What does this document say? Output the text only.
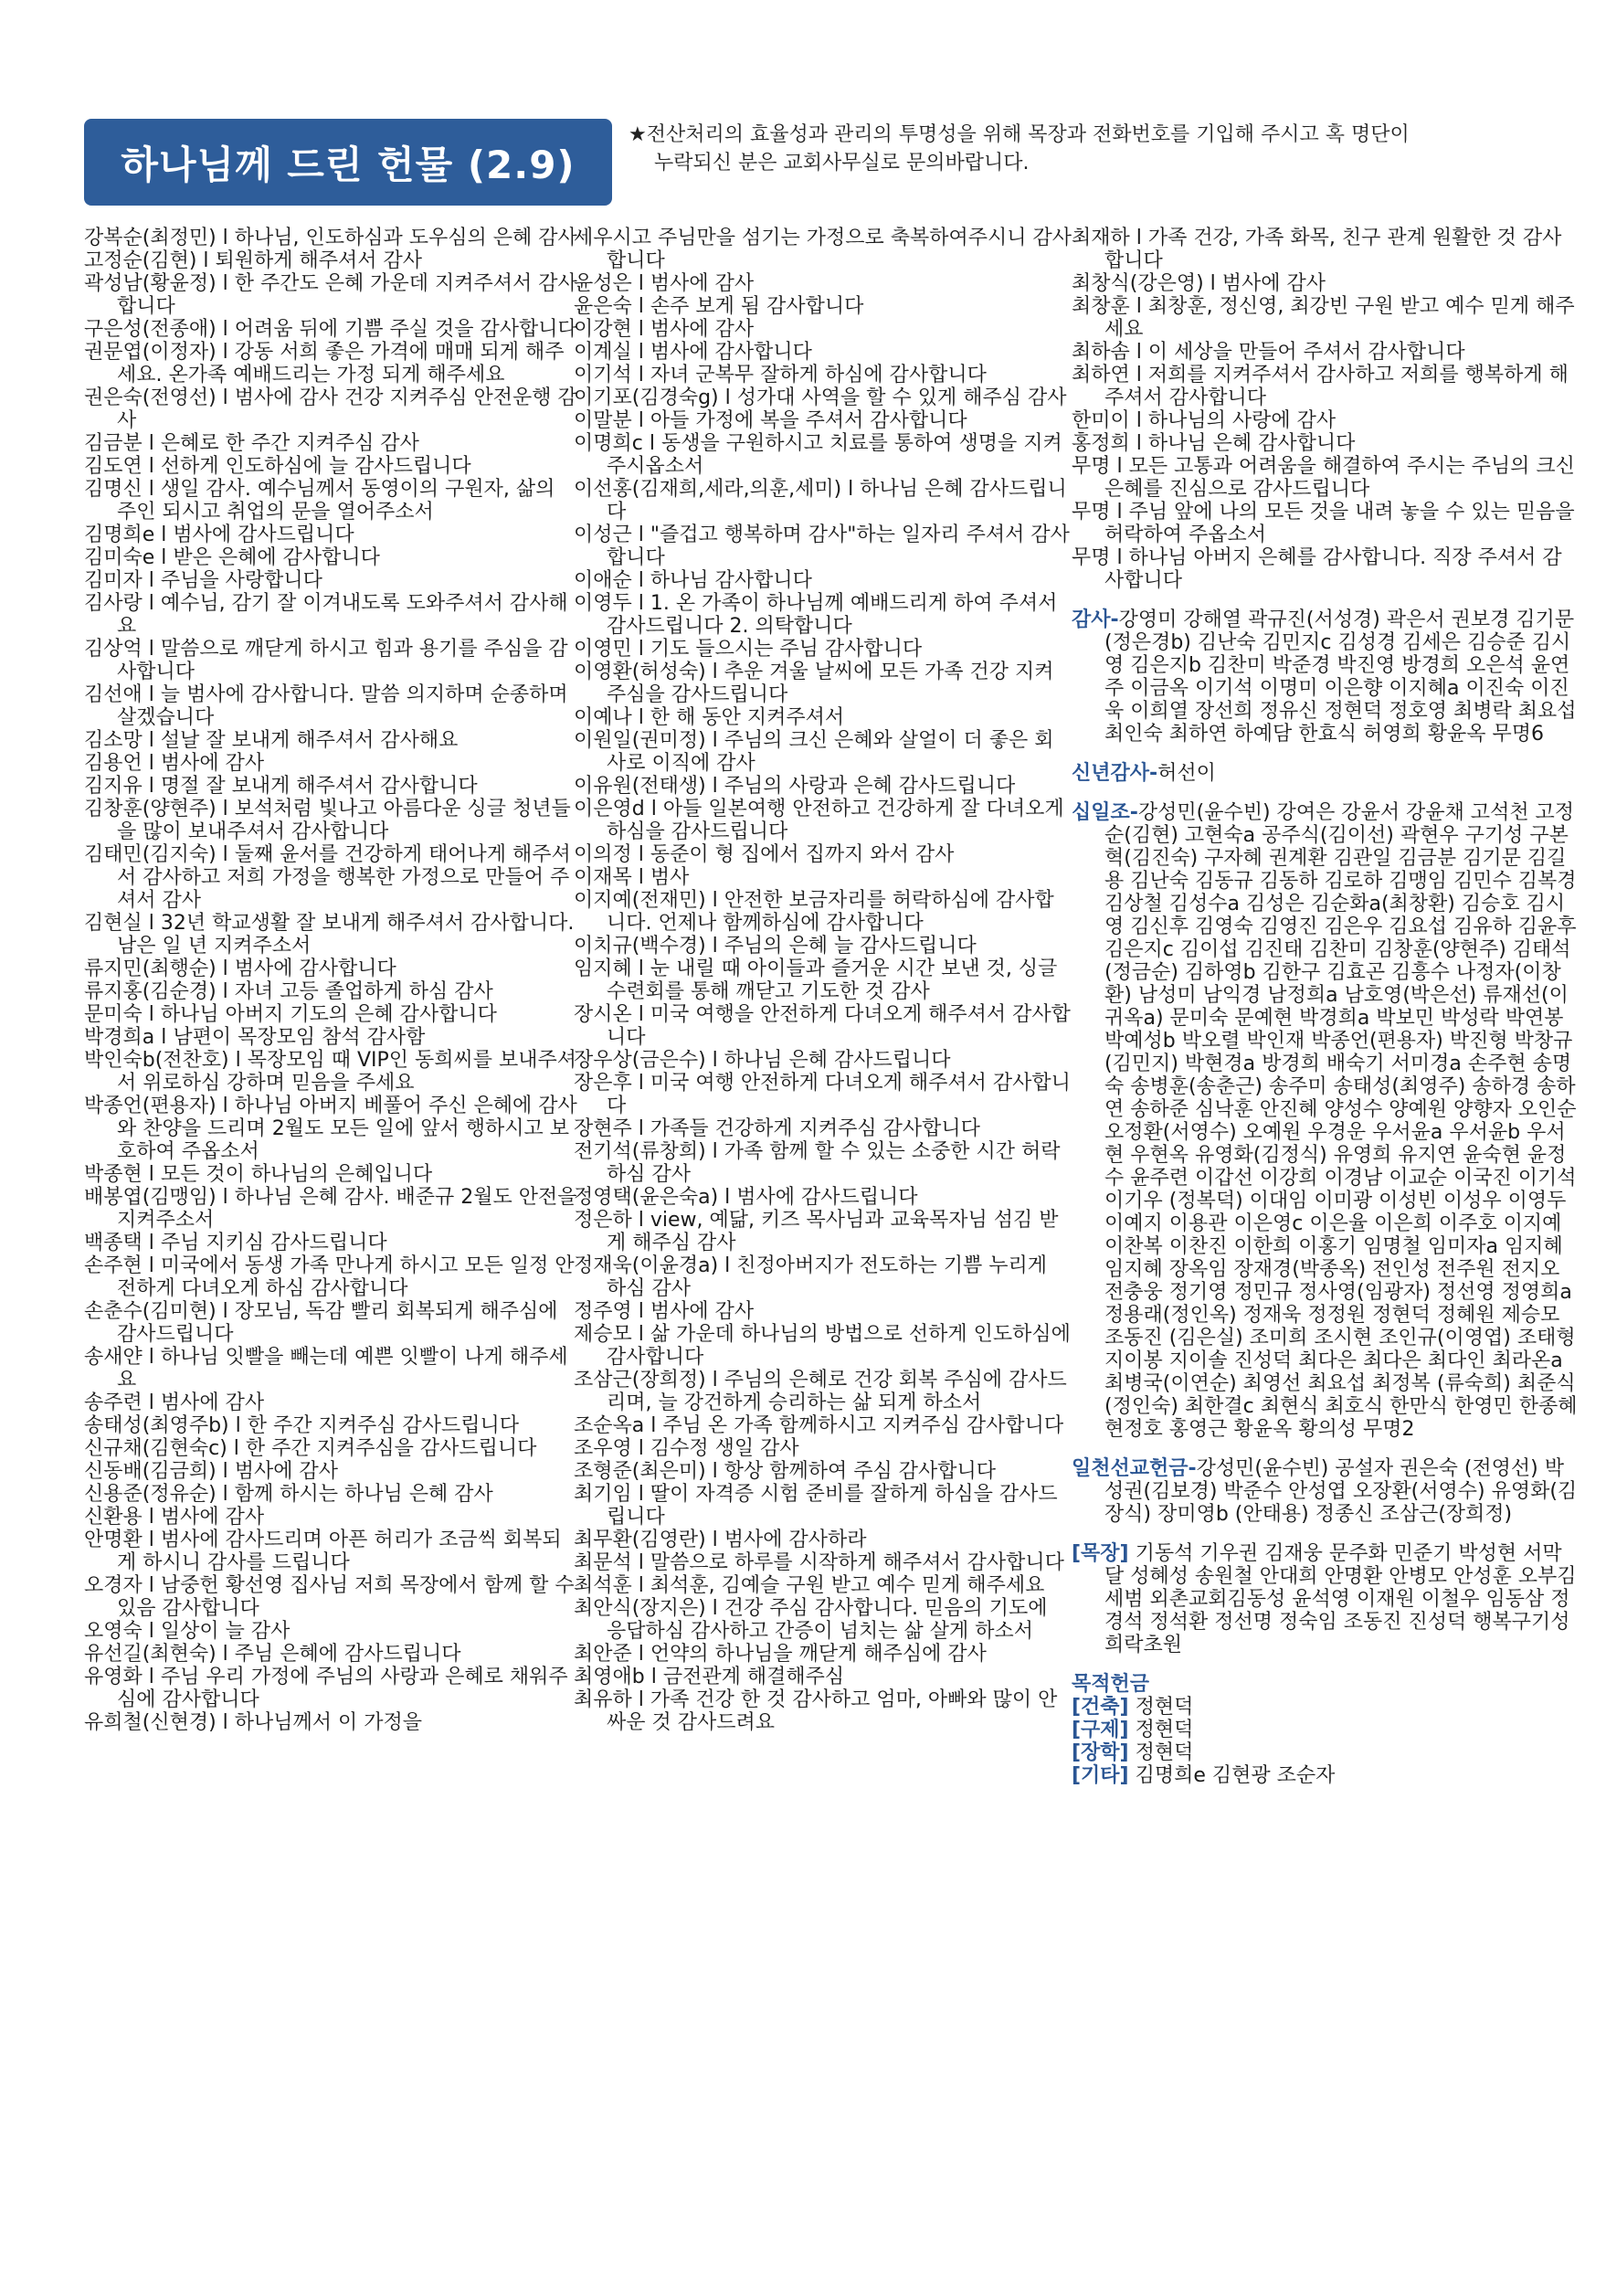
하나님께 드린 헌물 (2.9)
★전산처리의 효율성과 관리의 투명성을 위해 목장과 전화번호를 기입해 주시고 혹 명단이
누락되신 분은 교회사무실로 문의바랍니다.

강복순(최정민) l 하나님, 인도하심과 도우심의 은혜 감사

고정순(김현) l 퇴원하게 해주셔서 감사

곽성남(황윤정) l 한 주간도 은혜 가운데 지켜주셔서 감사합니다

구은성(전종애) l 어려움 뒤에 기쁨 주실 것을 감사합니다

권문엽(이정자) l 강동 서희 좋은 가격에 매매 되게 해주세요. 온가족 예배드리는 가정 되게 해주세요

권은숙(전영선) l 범사에 감사 건강 지켜주심 안전운행 감사

김금분 l 은혜로 한 주간 지켜주심 감사

김도연 l 선하게 인도하심에 늘 감사드립니다

김명신 l 생일 감사. 예수님께서 동영이의 구원자, 삶의 주인 되시고 취업의 문을 열어주소서

김명희e l 범사에 감사드립니다

김미숙e l 받은 은혜에 감사합니다

김미자 l 주님을 사랑합니다

김사랑 l 예수님, 감기 잘 이겨내도록 도와주셔서 감사해요

김상억 l 말씀으로 깨닫게 하시고 힘과 용기를 주심을 감사합니다

김선애 l 늘 범사에 감사합니다. 말씀 의지하며 순종하며 살겠습니다

김소망 l 설날 잘 보내게 해주셔서 감사해요

김용언 l 범사에 감사

김지유 l 명절 잘 보내게 해주셔서 감사합니다

김창훈(양현주) l 보석처럼 빛나고 아름다운 싱글 청년들을 많이 보내주셔서 감사합니다

김태민(김지숙) l 둘째 윤서를 건강하게 태어나게 해주셔서 감사하고 저희 가정을 행복한 가정으로 만들어 주셔서 감사

김현실 l 32년 학교생활 잘 보내게 해주셔서 감사합니다. 남은 일 년 지켜주소서

류지민(최행순) l 범사에 감사합니다

류지홍(김순경) l 자녀 고등 졸업하게 하심 감사

문미숙 l 하나님 아버지 기도의 은혜 감사합니다

박경희a l 남편이 목장모임 참석 감사함

박인숙b(전찬호) l 목장모임 때 VIP인 동희씨를 보내주셔서 위로하심 강하며 믿음을 주세요

박종언(편용자) l 하나님 아버지 베풀어 주신 은혜에 감사와 찬양을 드리며 2월도 모든 일에 앞서 행하시고 보호하여 주옵소서

박종현 l 모든 것이 하나님의 은혜입니다

배봉엽(김맹임) l 하나님 은혜 감사. 배준규 2월도 안전을 지켜주소서

백종택 l 주님 지키심 감사드립니다

손주현 l 미국에서 동생 가족 만나게 하시고 모든 일정 안전하게 다녀오게 하심 감사합니다

손춘수(김미현) l 장모님, 독감 빨리 회복되게 해주심에 감사드립니다

송새얀 l 하나님 잇빨을 빼는데 예쁜 잇빨이 나게 해주세요

송주련 l 범사에 감사

송태성(최영주b) l 한 주간 지켜주심 감사드립니다

신규채(김현숙c) l 한 주간 지켜주심을 감사드립니다

신동배(김금희) l 범사에 감사

신용준(정유순) l 함께 하시는 하나님 은혜 감사

신환용 l 범사에 감사

안명환 l 범사에 감사드리며 아픈 허리가 조금씩 회복되게 하시니 감사를 드립니다

오경자 l 남중헌 황선영 집사님 저희 목장에서 함께 할 수 있음 감사합니다

오영숙 l 일상이 늘 감사

유선길(최현숙) l 주님 은혜에 감사드립니다

유영화 l 주님 우리 가정에 주님의 사랑과 은혜로 채워주심에 감사합니다

유희철(신현경) l 하나님께서 이 가정을

세우시고 주님만을 섬기는 가정으로 축복하여주시니 감사합니다

윤성은 l 범사에 감사

윤은숙 l 손주 보게 됨 감사합니다

이강현 l 범사에 감사

이계실 l 범사에 감사합니다

이기석 l 자녀 군복무 잘하게 하심에 감사합니다

이기포(김경숙g) l 성가대 사역을 할 수 있게 해주심 감사

이말분 l 아들 가정에 복을 주셔서 감사합니다

이명희c l 동생을 구원하시고 치료를 통하여 생명을 지켜주시옵소서

이선홍(김재희,세라,의훈,세미) l 하나님 은혜 감사드립니다

이성근 l "즐겁고 행복하며 감사"하는 일자리 주셔서 감사합니다

이애순 l 하나님 감사합니다

이영두 l 1. 온 가족이 하나님께 예배드리게 하여 주셔서 감사드립니다 2. 의탁합니다

이영민 l 기도 들으시는 주님 감사합니다

이영환(허성숙) l 추운 겨울 날씨에 모든 가족 건강 지켜 주심을 감사드립니다

이예나 l 한 해 동안 지켜주셔서

이원일(권미정) l 주님의 크신 은혜와 살얼이 더 좋은 회사로 이직에 감사

이유원(전태생) l 주님의 사랑과 은혜 감사드립니다

이은영d l 아들 일본여행 안전하고 건강하게 잘 다녀오게 하심을 감사드립니다

이의정 l 동준이 형 집에서 집까지 와서 감사

이재목 l 범사

이지예(전재민) l 안전한 보금자리를 허락하심에 감사합니다. 언제나 함께하심에 감사합니다

이치규(백수경) l 주님의 은혜 늘 감사드립니다

임지혜 l 눈 내릴 때 아이들과 즐거운 시간 보낸 것, 싱글 수련회를 통해 깨닫고 기도한 것 감사

장시온 l 미국 여행을 안전하게 다녀오게 해주셔서 감사합니다

장우상(금은수) l 하나님 은혜 감사드립니다

장은후 l 미국 여행 안전하게 다녀오게 해주셔서 감사합니다

장현주 l 가족들 건강하게 지켜주심 감사합니다

전기석(류창희) l 가족 함께 할 수 있는 소중한 시간 허락하심 감사

정영택(윤은숙a) l 범사에 감사드립니다

정은하 l view, 예닮, 키즈 목사님과 교육목자님 섬김 받게 해주심 감사

정재욱(이윤경a) l 친정아버지가 전도하는 기쁨 누리게 하심 감사

정주영 l 범사에 감사

제승모 l 삶 가운데 하나님의 방법으로 선하게 인도하심에 감사합니다

조삼근(장희정) l 주님의 은혜로 건강 회복 주심에 감사드리며, 늘 강건하게 승리하는 삶 되게 하소서

조순옥a l 주님 온 가족 함께하시고 지켜주심 감사합니다

조우영 l 김수정 생일 감사

조형준(최은미) l 항상 함께하여 주심 감사합니다

최기임 l 딸이 자격증 시험 준비를 잘하게 하심을 감사드립니다

최무환(김영란) l 범사에 감사하라

최문석 l 말씀으로 하루를 시작하게 해주셔서 감사합니다

최석훈 l 최석훈, 김예슬 구원 받고 예수 믿게 해주세요

최안식(장지은) l 건강 주심 감사합니다. 믿음의 기도에 응답하심 감사하고 간증이 넘치는 삶 살게 하소서

최안준 l 언약의 하나님을 깨닫게 해주심에 감사

최영애b l 금전관계 해결해주심

최유하 l 가족 건강 한 것 감사하고 엄마, 아빠와 많이 안 싸운 것 감사드려요

최재하 l 가족 건강, 가족 화목, 친구 관계 원활한 것 감사합니다

최창식(강은영) l 범사에 감사

최창훈 l 최창훈, 정신영, 최강빈 구원 받고 예수 믿게 해주세요

최하솜 l 이 세상을 만들어 주셔서 감사합니다

최하연 l 저희를 지켜주셔서 감사하고 저희를 행복하게 해주셔서 감사합니다

한미이 l 하나님의 사랑에 감사

홍정희 l 하나님 은혜 감사합니다

무명 l 모든 고통과 어려움을 해결하여 주시는 주님의 크신 은혜를 진심으로 감사드립니다

무명 l 주님 앞에 나의 모든 것을 내려 놓을 수 있는 믿음을 허락하여 주옵소서

무명 l 하나님 아버지 은혜를 감사합니다. 직장 주셔서 감사합니다

감사-강영미 강해열 곽규진(서성경) 곽은서 권보경 김기문(정은경b) 김난숙 김민지c 김성경 김세은 김승준 김시영 김은지b 김찬미 박준경 박진영 방경희 오은석 윤연주 이금옥 이기석 이명미 이은향 이지혜a 이진숙 이진욱 이희열 장선희 정유신 정현덕 정호영 최병락 최요섭 최인숙 최하연 하예담 한효식 허영희 황윤옥 무명6
신년감사-허선이
십일조-강성민(윤수빈) 강여은 강윤서 강윤채 고석천 고정순(김현) 고현숙a 공주식(김이선) 곽현우 구기성 구본혁(김진숙) 구자혜 권계환 김관일 김금분 김기문 김길용 김난숙 김동규 김동하 김로하 김맹임 김민수 김복경 김상철 김성수a 김성은 김순화a(최창환) 김승호 김시영 김신후 김영숙 김영진 김은우 김요섭 김유하 김윤후 김은지c 김이섭 김진태 김찬미 김창훈(양현주) 김태석(정금순) 김하영b 김한구 김효곤 김흥수 나정자(이창환) 남성미 남익경 남정희a 남호영(박은선) 류재선(이귀옥a) 문미숙 문예현 박경희a 박보민 박성락 박연봉 박예성b 박오렬 박인재 박종언(편용자) 박진형 박창규(김민지) 박현경a 방경희 배숙기 서미경a 손주현 송명숙 송병훈(송춘근) 송주미 송태성(최영주) 송하경 송하연 송하준 심낙훈 안진혜 양성수 양예원 양향자 오인순 오정환(서영수) 오예원 우경운 우서윤a 우서윤b 우서현 우현옥 유영화(김정식) 유영희 유지연 윤숙현 윤정수 윤주련 이갑선 이강희 이경남 이교순 이국진 이기석 이기우 (정복덕) 이대임 이미광 이성빈 이성우 이영두 이예지 이용관 이은영c 이은율 이은희 이주호 이지예 이찬복 이찬진 이한희 이홍기 임명철 임미자a 임지혜 임지혜 장옥임 장재경(박종옥) 전인성 전주원 전지오 전충웅 정기영 정민규 정사영(임광자) 정선영 정영희a 정용래(정인옥) 정재욱 정정원 정현덕 정혜원 제승모 조동진 (김은실) 조미희 조시현 조인규(이영엽) 조태형 지이봉 지이솔 진성덕 최다은 최다은 최다인 최라온a 최병국(이연순) 최영선 최요섭 최정복 (류숙희) 최준식(정인숙) 최한결c 최현식 최호식 한만식 한영민 한종혜 현정호 홍영근 황윤옥 황의성 무명2
일천선교헌금-강성민(윤수빈) 공설자 권은숙 (전영선) 박성권(김보경) 박준수 안성엽 오장환(서영수) 유영화(김장식) 장미영b (안태용) 정종신 조삼근(장희정)
[목장] 기동석 기우권 김재웅 문주화 민준기 박성현 서막달 성혜성 송원철 안대희 안명환 안병모 안성훈 오부김세범 외촌교회김동성 윤석영 이재원 이철우 임동삼 정경석 정석환 정선명 정숙임 조동진 진성덕 행복구기성 희락초원
목적헌금
[건축] 정현덕
[구제] 정현덕
[장학] 정현덕
[기타] 김명희e 김현광 조순자
